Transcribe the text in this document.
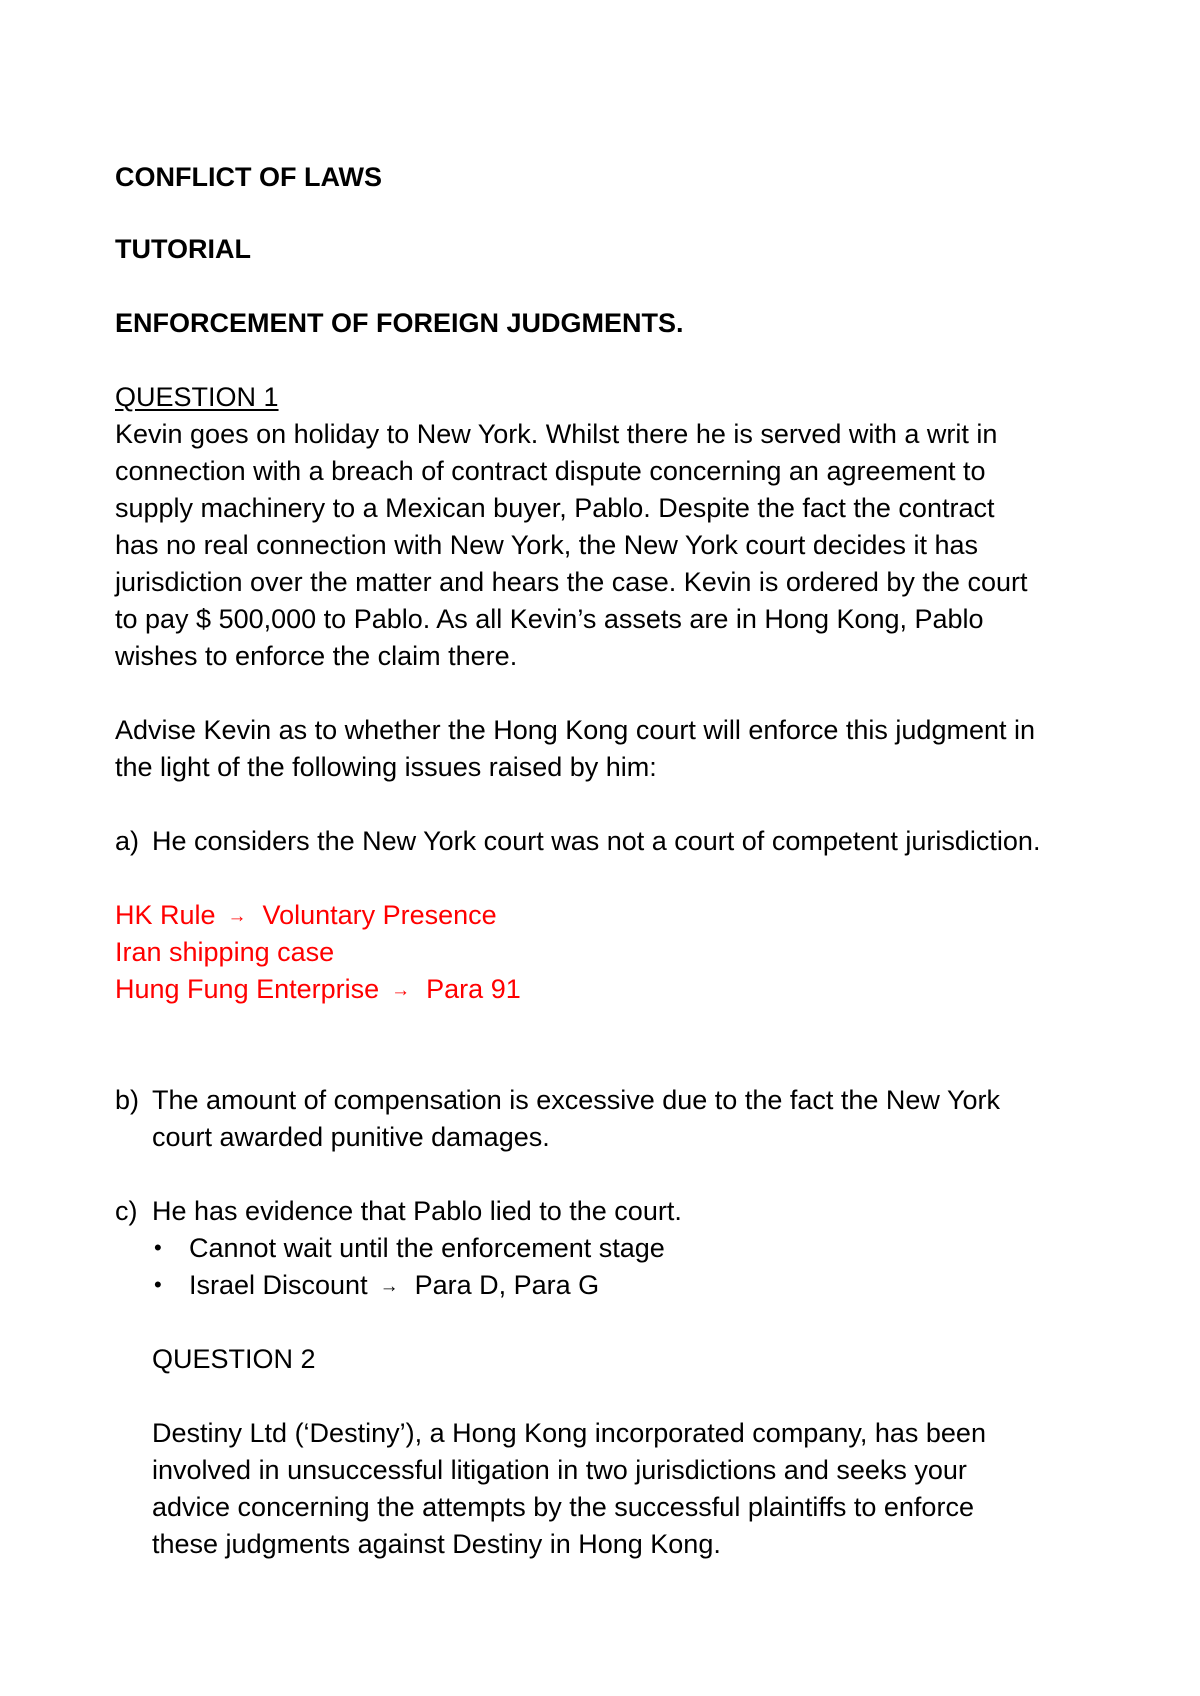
CONFLICT OF LAWS
TUTORIAL
ENFORCEMENT OF FOREIGN JUDGMENTS.
QUESTION 1
Kevin goes on holiday to New York. Whilst there he is served with a writ in
connection with a breach of contract dispute concerning an agreement to
supply machinery to a Mexican buyer, Pablo. Despite the fact the contract
has no real connection with New York, the New York court decides it has
jurisdiction over the matter and hears the case. Kevin is ordered by the court
to pay $ 500,000 to Pablo. As all Kevin’s assets are in Hong Kong, Pablo
wishes to enforce the claim there.
Advise Kevin as to whether the Hong Kong court will enforce this judgment in
the light of the following issues raised by him:
a) He considers the New York court was not a court of competent jurisdiction.
HK Rule → Voluntary Presence
Iran shipping case
Hung Fung Enterprise → Para 91
b) The amount of compensation is excessive due to the fact the New York
court awarded punitive damages.
c) He has evidence that Pablo lied to the court.
• Cannot wait until the enforcement stage
• Israel Discount → Para D, Para G
QUESTION 2
Destiny Ltd (‘Destiny’), a Hong Kong incorporated company, has been
involved in unsuccessful litigation in two jurisdictions and seeks your
advice concerning the attempts by the successful plaintiffs to enforce
these judgments against Destiny in Hong Kong.
